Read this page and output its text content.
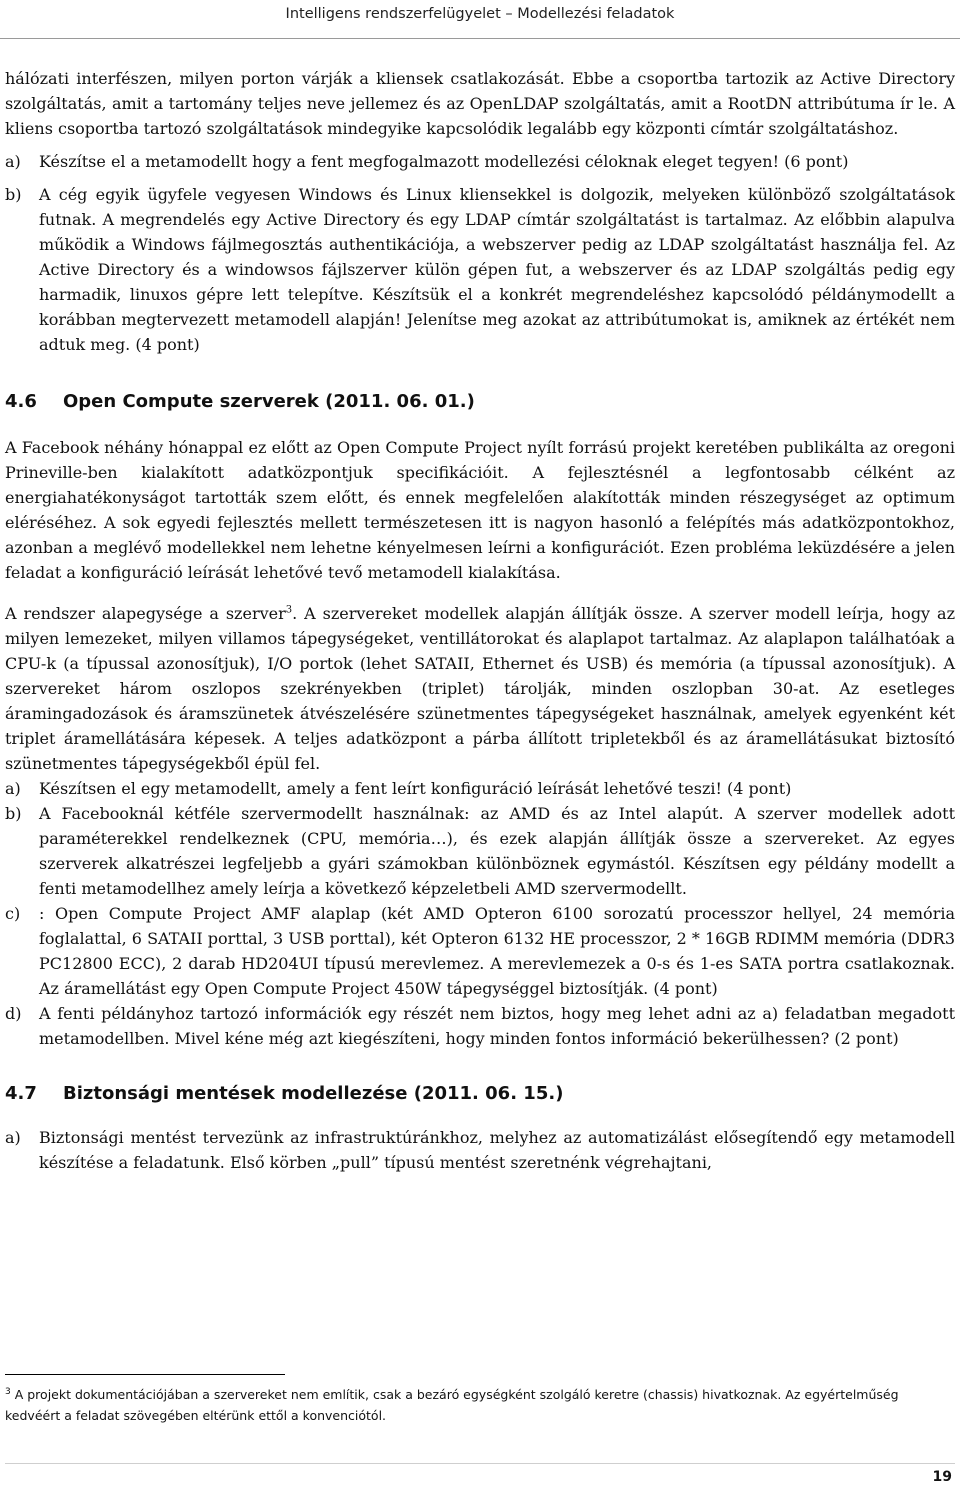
Intelligens rendszerfelügyelet – Modellezési feladatok

hálózati interfészen, milyen porton várják a kliensek csatlakozását. Ebbe a csoportba tartozik az Active Directory szolgáltatás, amit a tartomány teljes neve jellemez és az OpenLDAP szolgáltatás, amit a RootDN attribútuma ír le. A kliens csoportba tartozó szolgáltatások mindegyike kapcsolódik legalább egy központi címtár szolgáltatáshoz.

a)	Készítse el a metamodellt hogy a fent megfogalmazott modellezési céloknak eleget tegyen! (6 pont)
b)	A cég egyik ügyfele vegyesen Windows és Linux kliensekkel is dolgozik, melyeken különböző szolgáltatások futnak. A megrendelés egy Active Directory és egy LDAP címtár szolgáltatást is tartalmaz. Az előbbin alapulva működik a Windows fájlmegosztás authentikációja, a webszerver pedig az LDAP szolgáltatást használja fel. Az Active Directory és a windowsos fájlszerver külön gépen fut, a webszerver és az LDAP szolgáltás pedig egy harmadik, linuxos gépre lett telepítve. Készítsük el a konkrét megrendeléshez kapcsolódó példánymodellt a korábban megtervezett metamodell alapján! Jelenítse meg azokat az attribútumokat is, amiknek az értékét nem adtuk meg. (4 pont)
4.6 Open Compute szerverek (2011. 06. 01.)

A Facebook néhány hónappal ez előtt az Open Compute Project nyílt forrású projekt keretében publikálta az oregoni Prineville-ben kialakított adatközpontjuk specifikációit. A fejlesztésnél a legfontosabb célként az energiahatékonyságot tartották szem előtt, és ennek megfelelően alakították minden részegységet az optimum eléréséhez. A sok egyedi fejlesztés mellett természetesen itt is nagyon hasonló a felépítés más adatközpontokhoz, azonban a meglévő modellekkel nem lehetne kényelmesen leírni a konfigurációt. Ezen probléma leküzdésére a jelen feladat a konfiguráció leírását lehetővé tevő metamodell kialakítása.

A rendszer alapegysége a szerver$^3$. A szervereket modellek alapján állítják össze. A szerver modell leírja, hogy az milyen lemezeket, milyen villamos tápegységeket, ventillátorokat és alaplapot tartalmaz. Az alaplapon találhatóak a CPU-k (a típussal azonosítjuk), I/O portok (lehet SATAII, Ethernet és USB) és memória (a típussal azonosítjuk). A szervereket három oszlopos szekrényekben (triplet) tárolják, minden oszlopban 30-at. Az esetleges áramingadozások és áramszünetek átvészelésére szünetmentes tápegységeket használnak, amelyek egyenként két triplet áramellátására képesek. A teljes adatközpont a párba állított tripletekből és az áramellátásukat biztosító szünetmentes tápegységekből épül fel.

a)	Készítsen el egy metamodellt, amely a fent leírt konfiguráció leírását lehetővé teszi! (4 pont)
b)	A Facebooknál kétféle szervermodellt használnak: az AMD és az Intel alapút. A szerver modellek adott paraméterekkel rendelkeznek (CPU, memória…), és ezek alapján állítják össze a szervereket. Az egyes szerverek alkatrészei legfeljebb a gyári számokban különböznek egymástól. Készítsen egy példány modellt a fenti metamodellhez amely leírja a következő képzeletbeli AMD szervermodellt.
c)	: Open Compute Project AMF alaplap (két AMD Opteron 6100 sorozatú processzor hellyel, 24 memória foglalattal, 6 SATAII porttal, 3 USB porttal), két Opteron 6132 HE processzor, 2 * 16GB RDIMM memória (DDR3 PC12800 ECC), 2 darab HD204UI típusú merevlemez. A merevlemezek a 0-s és 1-es SATA portra csatlakoznak. Az áramellátást egy Open Compute Project 450W tápegységgel biztosítják. (4 pont)
d)	A fenti példányhoz tartozó információk egy részét nem biztos, hogy meg lehet adni az a) feladatban megadott metamodellben. Mivel kéne még azt kiegészíteni, hogy minden fontos információ bekerülhessen? (2 pont)
4.7 Biztonsági mentések modellezése (2011. 06. 15.)
a)	Biztonsági mentést tervezünk az infrastruktúránkhoz, melyhez az automatizálást elősegítendő egy metamodell készítése a feladatunk. Első körben „pull” típusú mentést szeretnénk végrehajtani,
$^3$ A projekt dokumentációjában a szervereket nem említik, csak a bezáró egységként szolgáló keretre (chassis) hivatkoznak. Az egyértelműség kedvéért a feladat szövegében eltérünk ettől a konvenciótól.
19
